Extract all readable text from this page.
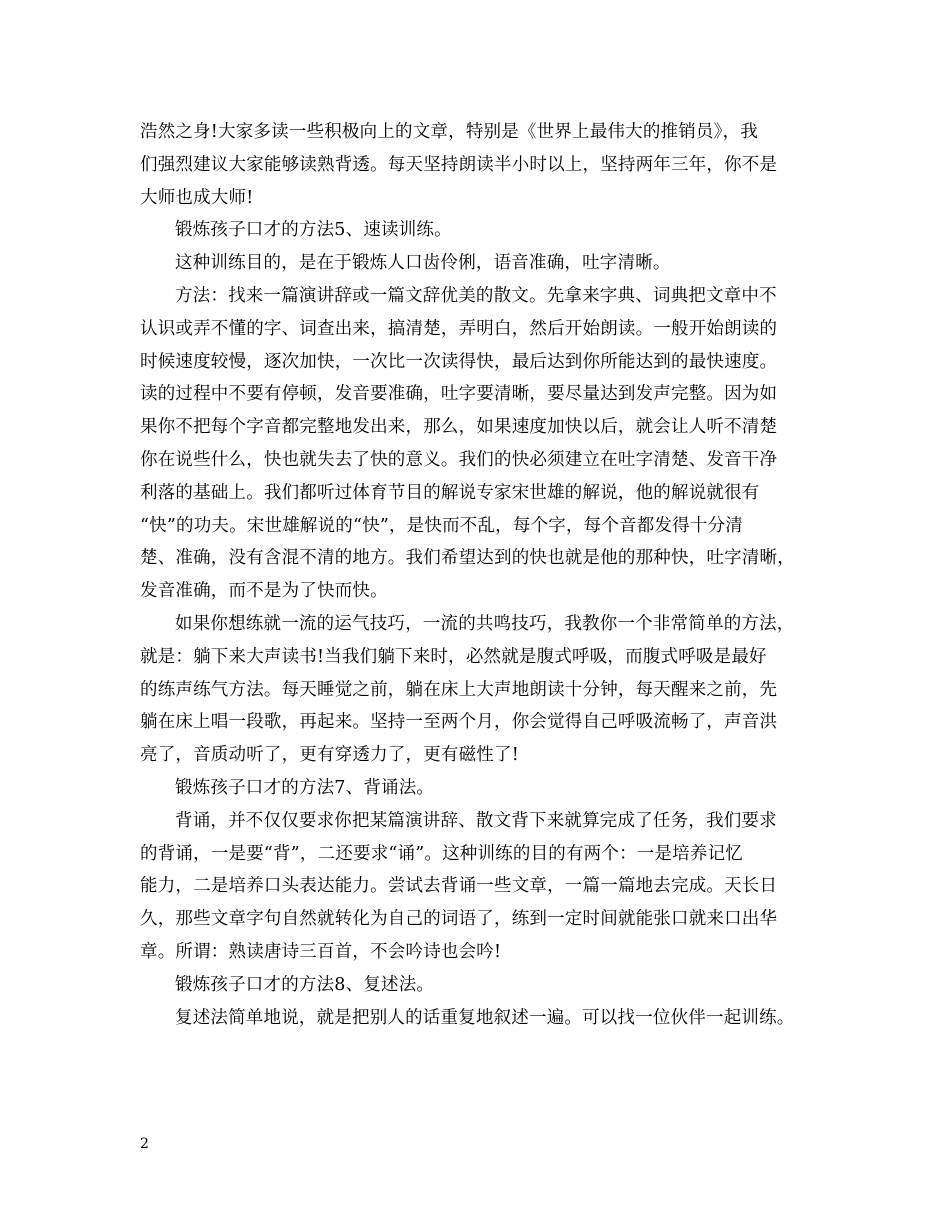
浩然之身!大家多读一些积极向上的文章，特别是《世界上最伟大的推销员》，我
们强烈建议大家能够读熟背透。每天坚持朗读半小时以上，坚持两年三年，你不是
大师也成大师!
锻炼孩子口才的方法5、速读训练。
这种训练目的，是在于锻炼人口齿伶俐，语音准确，吐字清晰。
方法：找来一篇演讲辞或一篇文辞优美的散文。先拿来字典、词典把文章中不
认识或弄不懂的字、词查出来，搞清楚，弄明白，然后开始朗读。一般开始朗读的
时候速度较慢，逐次加快，一次比一次读得快，最后达到你所能达到的最快速度。
读的过程中不要有停顿，发音要准确，吐字要清晰，要尽量达到发声完整。因为如
果你不把每个字音都完整地发出来，那么，如果速度加快以后，就会让人听不清楚
你在说些什么，快也就失去了快的意义。我们的快必须建立在吐字清楚、发音干净
利落的基础上。我们都听过体育节目的解说专家宋世雄的解说，他的解说就很有
“快”的功夫。宋世雄解说的“快”，是快而不乱，每个字，每个音都发得十分清
楚、准确，没有含混不清的地方。我们希望达到的快也就是他的那种快，吐字清晰，
发音准确，而不是为了快而快。
如果你想练就一流的运气技巧，一流的共鸣技巧，我教你一个非常简单的方法，
就是：躺下来大声读书!当我们躺下来时，必然就是腹式呼吸，而腹式呼吸是最好
的练声练气方法。每天睡觉之前，躺在床上大声地朗读十分钟，每天醒来之前，先
躺在床上唱一段歌，再起来。坚持一至两个月，你会觉得自己呼吸流畅了，声音洪
亮了，音质动听了，更有穿透力了，更有磁性了!
锻炼孩子口才的方法7、背诵法。
背诵，并不仅仅要求你把某篇演讲辞、散文背下来就算完成了任务，我们要求
的背诵，一是要“背”，二还要求“诵”。这种训练的目的有两个：一是培养记忆
能力，二是培养口头表达能力。尝试去背诵一些文章，一篇一篇地去完成。天长日
久，那些文章字句自然就转化为自己的词语了，练到一定时间就能张口就来口出华
章。所谓：熟读唐诗三百首，不会吟诗也会吟!
锻炼孩子口才的方法8、复述法。
复述法简单地说，就是把别人的话重复地叙述一遍。可以找一位伙伴一起训练。
2
